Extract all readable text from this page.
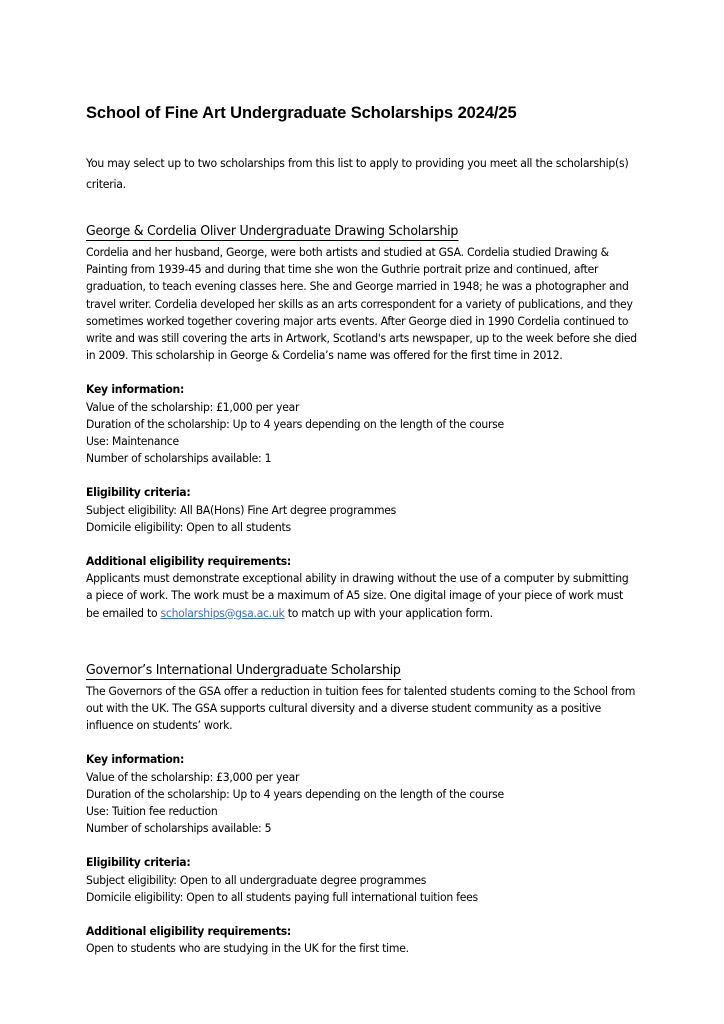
School of Fine Art Undergraduate Scholarships 2024/25

You may select up to two scholarships from this list to apply to providing you meet all the scholarship(s) criteria.

George & Cordelia Oliver Undergraduate Drawing Scholarship

Cordelia and her husband, George, were both artists and studied at GSA. Cordelia studied Drawing & Painting from 1939-45 and during that time she won the Guthrie portrait prize and continued, after graduation, to teach evening classes here. She and George married in 1948; he was a photographer and travel writer. Cordelia developed her skills as an arts correspondent for a variety of publications, and they sometimes worked together covering major arts events. After George died in 1990 Cordelia continued to write and was still covering the arts in Artwork, Scotland's arts newspaper, up to the week before she died in 2009. This scholarship in George & Cordelia’s name was offered for the first time in 2012.

Key information:

Value of the scholarship: £1,000 per year

Duration of the scholarship: Up to 4 years depending on the length of the course

Use: Maintenance

Number of scholarships available: 1

Eligibility criteria:

Subject eligibility: All BA(Hons) Fine Art degree programmes

Domicile eligibility: Open to all students

Additional eligibility requirements:

Applicants must demonstrate exceptional ability in drawing without the use of a computer by submitting a piece of work. The work must be a maximum of A5 size. One digital image of your piece of work must be emailed to scholarships@gsa.ac.uk to match up with your application form.

Governor’s International Undergraduate Scholarship

The Governors of the GSA offer a reduction in tuition fees for talented students coming to the School from out with the UK. The GSA supports cultural diversity and a diverse student community as a positive influence on students’ work.

Key information:

Value of the scholarship: £3,000 per year

Duration of the scholarship: Up to 4 years depending on the length of the course

Use: Tuition fee reduction

Number of scholarships available: 5

Eligibility criteria:

Subject eligibility: Open to all undergraduate degree programmes

Domicile eligibility: Open to all students paying full international tuition fees

Additional eligibility requirements:

Open to students who are studying in the UK for the first time.
